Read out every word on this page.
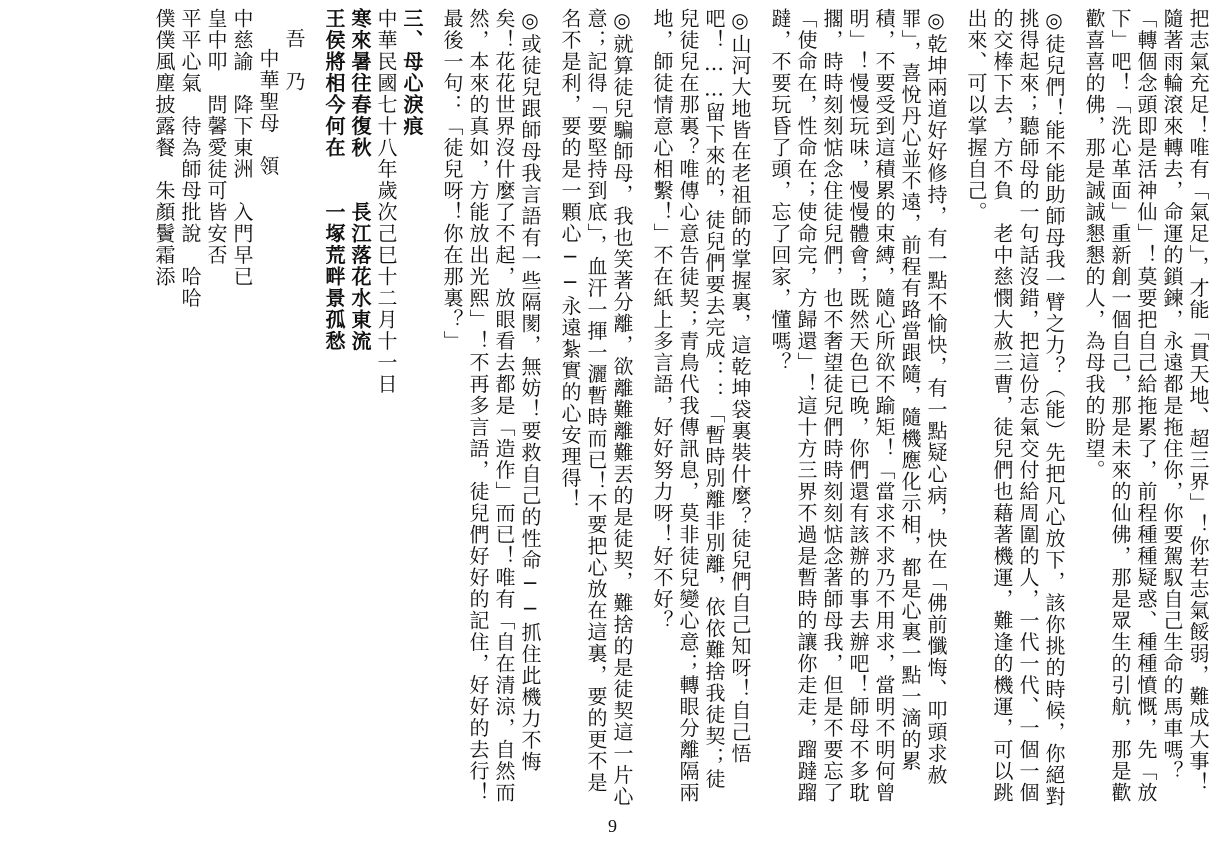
把志氣充足！唯有「氣足」，才能「貫天地、超三界」！你若志氣餒弱，難成大事！隨著雨輪滾來轉去，命運的鎖鍊，永遠都是拖住你，你要駕馭自己生命的馬車嗎？「轉個念頭即是活神仙」！莫要把自己給拖累了，前程種種疑惑、種種憤慨，先「放下」吧！「洗心革面」重新創一個自己，那是未來的仙佛，那是眾生的引航，那是歡歡喜喜的佛，那是誠誠懇懇的人，為母我的盼望。

◎徒兒們！能不能助師母我一臂之力？（能）先把凡心放下，該你挑的時候，你絕對挑得起來；聽師母的一句話沒錯，把這份志氣交付給周圍的人，一代一代、一個一個的交棒下去，方不負　老中慈憫大赦三曹，徒兒們也藉著機運，難逢的機運，可以跳出來、可以掌握自己。

◎乾坤兩道好好修持，有一點不愉快，有一點疑心病，快在「佛前懺悔、叩頭求赦罪」，喜悅丹心並不遠，前程有路當跟隨，隨機應化示相，都是心裏一點一滴的累積，不要受到這積累的束縛，隨心所欲不踰矩！「當求不求乃不用求，當明不明何曾明」！慢慢玩味，慢慢體會；既然天色已晚，你們還有該辦的事去辦吧！師母不多耽擱，時時刻刻惦念住徒兒們，也不奢望徒兒們時時刻刻惦念著師母我，但是不要忘了「使命在，性命在；使命完，方歸還」！這十方三界不過是暫時的讓你走走，蹓躂蹓躂，不要玩昏了頭，忘了回家，懂嗎？

◎山河大地皆在老祖師的掌握裏，這乾坤袋裏裝什麼？徒兒們自己知呀！自己悟吧！……留下來的，徒兒們要去完成：：「暫時別離非別離，依依難捨我徒契；徒兒徒兒在那裏？唯傳心意告徒契；青鳥代我傳訊息，莫非徒兒變心意；轉眼分離隔兩地，師徒情意心相繫！」不在紙上多言語，好好努力呀！好不好？

◎就算徒兒騙師母，我也笑著分離，欲離難離難丟的是徒契，難捨的是徒契這一片心意；記得「要堅持到底」，血汗一揮一灑暫時而已！不要把心放在這裏，要的更不是名不是利，要的是一顆心──永遠紮實的心安理得！

◎或徒兒跟師母我言語有一些隔閡，無妨！要救自己的性命──抓住此機力不悔矣！花花世界沒什麼了不起，放眼看去都是「造作」而已！唯有「自在清涼，自然而然，本來的真如，方能放出光熙」！不再多言語，徒兒們好好的記住，好好的去行！最後一句：「徒兒呀！你在那裏？」

三、母心淚痕

中華民國七十八年歲次己巳十二月十一日

寒來暑往春復秋　　長江落花水東流

王侯將相今何在　　一塚荒畔景孤愁

吾　乃

中華聖母　領

中慈諭　降下東洲　入門早已

皇中叩　問馨愛徒可皆安否

平平心氣　待為師母批說　哈哈

僕僕風塵披露餐　朱顏鬢霜添

9
